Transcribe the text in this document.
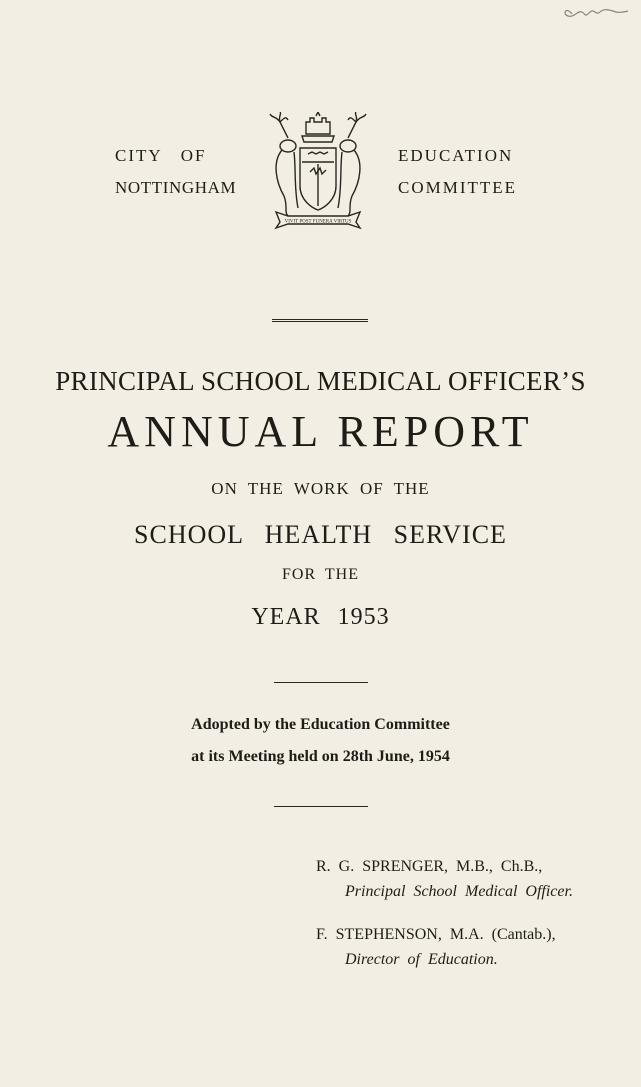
CITY   OF
NOTTINGHAM
EDUCATION
COMMITTEE
VIVIT POST FUNERA VIRTUS
PRINCIPAL SCHOOL MEDICAL OFFICER’S
ANNUAL REPORT
ON THE WORK OF THE
SCHOOL HEALTH SERVICE
FOR THE
YEAR 1953
Adopted by the Education Committee
at its Meeting held on 28th June, 1954
R.  G.  SPRENGER,  M.B.,  Ch.B.,
Principal  School  Medical  Officer.
F.  STEPHENSON,  M.A.  (Cantab.),
Director  of  Education.
